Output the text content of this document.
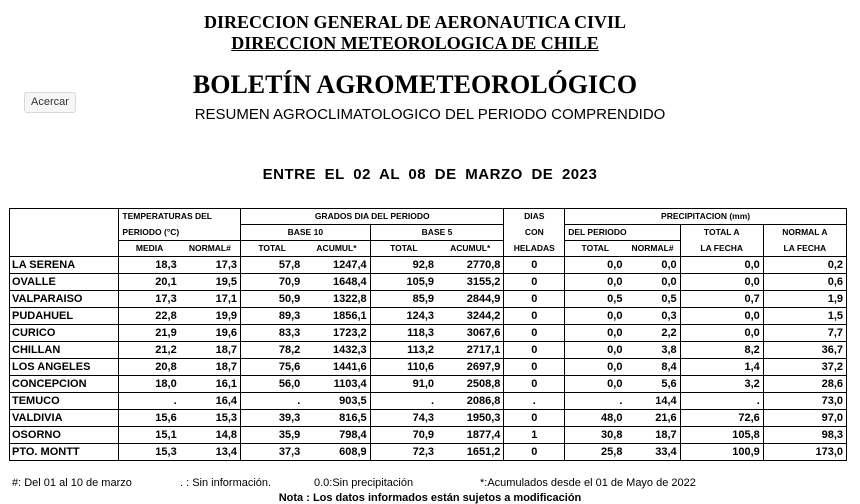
DIRECCION GENERAL DE AERONAUTICA CIVIL
DIRECCION METEOROLOGICA DE CHILE
BOLETÍN AGROMETEOROLÓGICO
RESUMEN AGROCLIMATOLOGICO DEL PERIODO COMPRENDIDO
ENTRE EL 02 AL 08 DE MARZO DE 2023
Acercar
	TEMPERATURAS DEL		GRADOS DIA DEL PERIODO				DIAS	PRECIPITACION (mm)			
	PERIODO (°C)		BASE 10		BASE 5		CON	DEL PERIODO		TOTAL A	NORMAL A
	MEDIA	NORMAL#	TOTAL	ACUMUL*	TOTAL	ACUMUL*	HELADAS	TOTAL	NORMAL#	LA FECHA	LA FECHA
LA SERENA	18,3	17,3	57,8	1247,4	92,8	2770,8	0	0,0	0,0	0,0	0,2
OVALLE	20,1	19,5	70,9	1648,4	105,9	3155,2	0	0,0	0,0	0,0	0,6
VALPARAISO	17,3	17,1	50,9	1322,8	85,9	2844,9	0	0,5	0,5	0,7	1,9
PUDAHUEL	22,8	19,9	89,3	1856,1	124,3	3244,2	0	0,0	0,3	0,0	1,5
CURICO	21,9	19,6	83,3	1723,2	118,3	3067,6	0	0,0	2,2	0,0	7,7
CHILLAN	21,2	18,7	78,2	1432,3	113,2	2717,1	0	0,0	3,8	8,2	36,7
LOS ANGELES	20,8	18,7	75,6	1441,6	110,6	2697,9	0	0,0	8,4	1,4	37,2
CONCEPCION	18,0	16,1	56,0	1103,4	91,0	2508,8	0	0,0	5,6	3,2	28,6
TEMUCO	.	16,4	.	903,5	.	2086,8	.	.	14,4	.	73,0
VALDIVIA	15,6	15,3	39,3	816,5	74,3	1950,3	0	48,0	21,6	72,6	97,0
OSORNO	15,1	14,8	35,9	798,4	70,9	1877,4	1	30,8	18,7	105,8	98,3
PTO. MONTT	15,3	13,4	37,3	608,9	72,3	1651,2	0	25,8	33,4	100,9	173,0
#: Del 01 al 10 de marzo	. : Sin información.	0.0:Sin precipitación	*:Acumulados desde el 01 de Mayo de 2022
Nota : Los datos informados están sujetos a modificación
